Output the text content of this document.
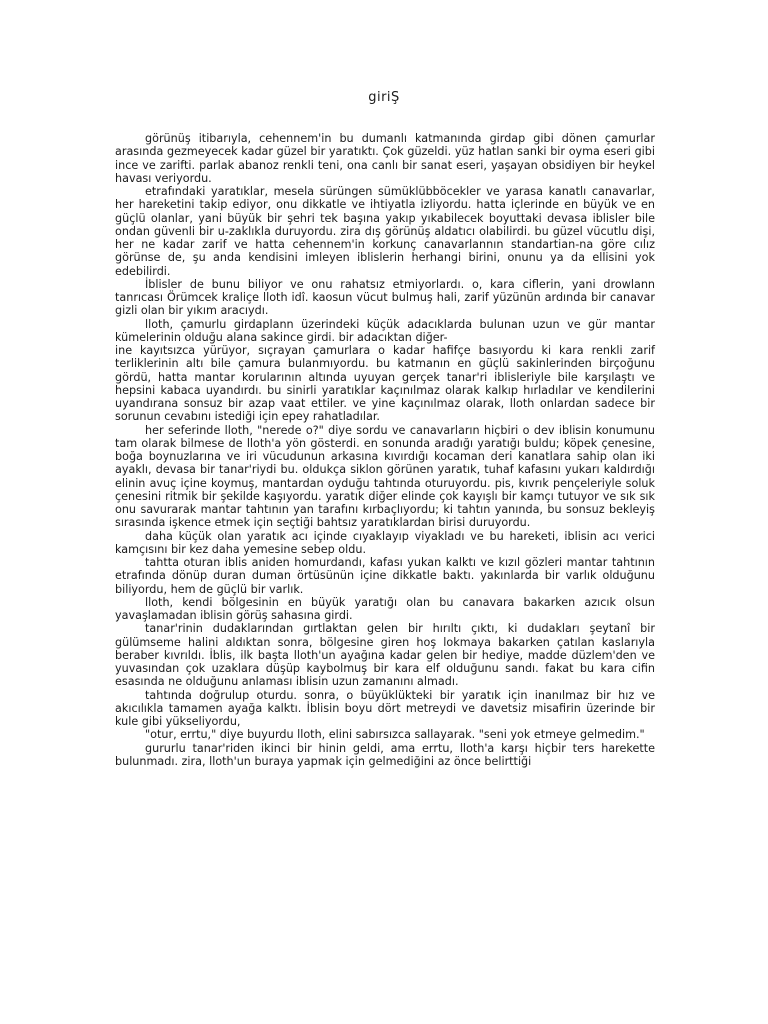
giriŞ

görünüş itibarıyla, cehennem'in bu dumanlı katmanında girdap gibi dönen çamurlar arasında gezmeyecek kadar güzel bir yaratıktı. Çok güzeldi. yüz hatlan sanki bir oyma eseri gibi ince ve zarifti. parlak abanoz renkli teni, ona canlı bir sanat eseri, yaşayan obsidiyen bir heykel havası veriyordu.

etrafındaki yaratıklar, mesela sürüngen sümüklübböcekler ve yarasa kanatlı canavarlar, her hareketini takip ediyor, onu dikkatle ve ihtiyatla izliyordu. hatta içlerinde en büyük ve en güçlü olanlar, yani büyük bir şehri tek başına yakıp yıkabilecek boyuttaki devasa iblisler bile ondan güvenli bir u-zaklıkla duruyordu. zira dış görünüş aldatıcı olabilirdi. bu güzel vücutlu dişi, her ne kadar zarif ve hatta cehennem'in korkunç canavarlannın standartian-na göre cılız görünse de, şu anda kendisini imleyen iblislerin herhangi birini, onunu ya da ellisini yok edebilirdi.

İblisler de bunu biliyor ve onu rahatsız etmiyorlardı. o, kara ciflerin, yani drowlann tanrıcası Örümcek kraliçe lloth idî. kaosun vücut bulmuş hali, zarif yüzünün ardında bir canavar gizli olan bir yıkım aracıydı.

lloth, çamurlu girdaplann üzerindeki küçük adacıklarda bulunan uzun ve gür mantar kümelerinin olduğu alana sakince girdi. bir adacıktan diğer-

ine kayıtsızca yürüyor, sıçrayan çamurlara o kadar hafifçe basıyordu ki kara renkli zarif terliklerinin altı bile çamura bulanmıyordu. bu katmanın en güçlü sakinlerinden birçoğunu gördü, hatta mantar korularının altında uyuyan gerçek tanar'ri iblisleriyle bile karşılaştı ve hepsini kabaca uyandırdı. bu sinirli yaratıklar kaçınılmaz olarak kalkıp hırladılar ve kendilerini uyandırana sonsuz bir azap vaat ettiler. ve yine kaçınılmaz olarak, lloth onlardan sadece bir sorunun cevabını istediği için epey rahatladılar.

her seferinde lloth, "nerede o?" diye sordu ve canavarların hiçbiri o dev iblisin konumunu tam olarak bilmese de lloth'a yön gösterdi. en sonunda aradığı yaratığı buldu; köpek çenesine, boğa boynuzlarına ve iri vücudunun arkasına kıvırdığı kocaman deri kanatlara sahip olan iki ayaklı, devasa bir tanar'riydi bu. oldukça siklon görünen yaratık, tuhaf kafasını yukarı kaldırdığı elinin avuç içine koymuş, mantardan oyduğu tahtında oturuyordu. pis, kıvrık pençeleriyle soluk çenesini ritmik bir şekilde kaşıyordu. yaratık diğer elinde çok kayışlı bir kamçı tutuyor ve sık sık onu savurarak mantar tahtının yan tarafını kırbaçlıyordu; ki tahtın yanında, bu sonsuz bekleyiş sırasında işkence etmek için seçtiği bahtsız yaratıklardan birisi duruyordu.

daha küçük olan yaratık acı içinde cıyaklayıp viyakladı ve bu hareketi, iblisin acı verici kamçısını bir kez daha yemesine sebep oldu.

tahtta oturan iblis aniden homurdandı, kafası yukan kalktı ve kızıl gözleri mantar tahtının etrafında dönüp duran duman örtüsünün içine dikkatle baktı. yakınlarda bir varlık olduğunu biliyordu, hem de güçlü bir varlık.

lloth, kendi bölgesinin en büyük yaratığı olan bu canavara bakarken azıcık olsun yavaşlamadan iblisin görüş sahasına girdi.

tanar'rinin dudaklarından gırtlaktan gelen bir hırıltı çıktı, ki dudakları şeytanî bir gülümseme halini aldıktan sonra, bölgesine giren hoş lokmaya bakarken çatılan kaslarıyla beraber kıvrıldı. İblis, ilk başta lloth'un ayağına kadar gelen bir hediye, madde düzlem'den ve yuvasından çok uzaklara düşüp kaybolmuş bir kara elf olduğunu sandı. fakat bu kara cifin esasında ne olduğunu anlaması iblisin uzun zamanını almadı.

tahtında doğrulup oturdu. sonra, o büyüklükteki bir yaratık için inanılmaz bir hız ve akıcılıkla tamamen ayağa kalktı. İblisin boyu dört metreydi ve davetsiz misafirin üzerinde bir kule gibi yükseliyordu,

"otur, errtu," diye buyurdu lloth, elini sabırsızca sallayarak. "seni yok etmeye gelmedim."

gururlu tanar'riden ikinci bir hinin geldi, ama errtu, lloth'a karşı hiçbir ters harekette bulunmadı. zira, lloth'un buraya yapmak için gelmediğini az önce belirttiği
